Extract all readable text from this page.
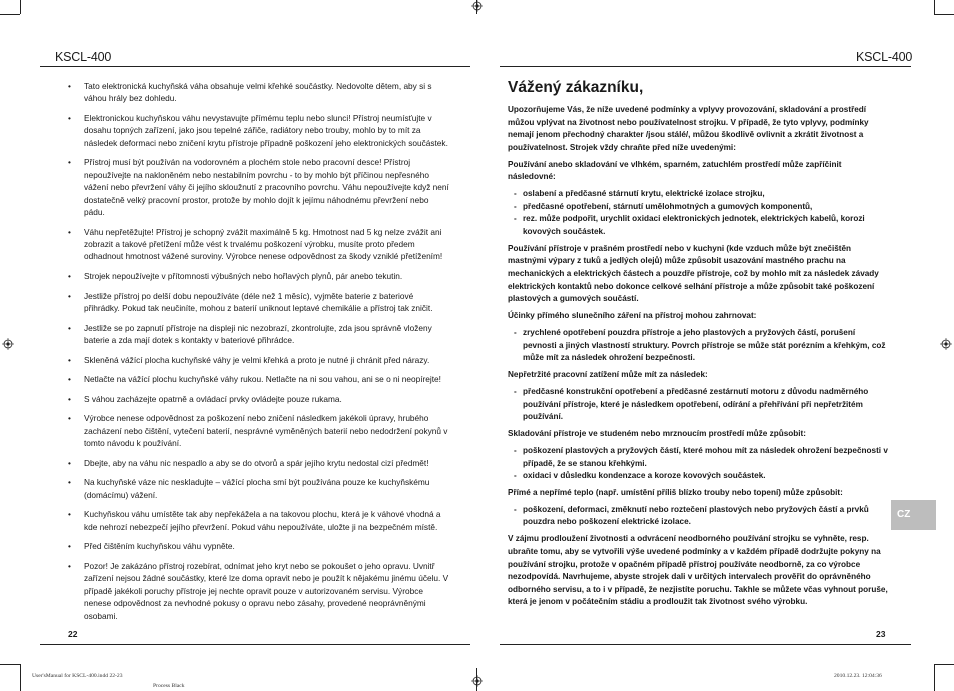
KSCL-400	KSCL-400
• Tato elektronická kuchyňská váha obsahuje velmi křehké součástky. Nedovolte dětem, aby si s váhou hrály bez dohledu.
• Elektronickou kuchyňskou váhu nevystavujte přímému teplu nebo slunci! Přístroj neumísťujte v dosahu topných zařízení, jako jsou tepelné zářiče, radiátory nebo trouby, mohlo by to mít za následek deformaci nebo zničení krytu přístroje případně poškození jeho elektronických součástek.
• Přístroj musí být používán na vodorovném a plochém stole nebo pracovní desce! Přístroj nepoužívejte na nakloněném nebo nestabilním povrchu - to by mohlo být příčinou nepřesného vážení nebo převržení váhy či jejího skloužnutí z pracovního povrchu. Váhu nepoužívejte když není dostatečně velký pracovní prostor, protože by mohlo dojít k jejímu náhodnému převržení nebo pádu.
• Váhu nepřetěžujte! Přístroj je schopný zvážit maximálně 5 kg. Hmotnost nad 5 kg nelze zvážit ani zobrazit a takové přetížení může vést k trvalému poškození výrobku, musíte proto předem odhadnout hmotnost vážené suroviny. Výrobce nenese odpovědnost za škody vzniklé přetížením!
• Strojek nepoužívejte v přítomnosti výbušných nebo hořlavých plynů, pár anebo tekutin.
• Jestliže přístroj po delší dobu nepoužíváte (déle než 1 měsíc), vyjměte baterie z bateriové přihrádky. Pokud tak neučiníte, mohou z baterií uniknout leptavé chemikálie a přístroj tak zničit.
• Jestliže se po zapnutí přístroje na displeji nic nezobrazí, zkontrolujte, zda jsou správně vloženy baterie a zda mají dotek s kontakty v bateriové přihrádce.
• Skleněná vážící plocha kuchyňské váhy je velmi křehká a proto je nutné ji chránit před nárazy.
• Netlačte na vážící plochu kuchyňské váhy rukou. Netlačte na ni sou vahou, ani se o ni neopírejte!
• S váhou zacházejte opatrně a ovládací prvky ovládejte pouze rukama.
• Výrobce nenese odpovědnost za poškození nebo zničení následkem jakékoli úpravy, hrubého zacházení nebo čištění, vytečení baterií, nesprávné vyměněných baterií nebo nedodržení pokynů v tomto návodu k používání.
• Dbejte, aby na váhu nic nespadlo a aby se do otvorů a spár jejího krytu nedostal cizí předmět!
• Na kuchyňské váze nic neskladujte – vážící plocha smí být používána pouze ke kuchyňskému (domácímu) vážení.
• Kuchyňskou váhu umístěte tak aby nepřekážela a na takovou plochu, která je k váhové vhodná a kde nehrozí nebezpečí jejího převržení. Pokud váhu nepoužíváte, uložte ji na bezpečném místě.
• Před čištěním kuchyňskou váhu vypněte.
• Pozor! Je zakázáno přístroj rozebírat, odnímat jeho kryt nebo se pokoušet o jeho opravu. Uvnitř zařízení nejsou žádné součástky, které lze doma opravit nebo je použít k nějakému jinému účelu. V případě jakékoli poruchy přístroje jej nechte opravit pouze v autorizovaném servisu. Výrobce nenese odpovědnost za nevhodné pokusy o opravu nebo zásahy, provedené neoprávněnými osobami.
22
Vážený zákazníku,

Upozorňujeme Vás, že níže uvedené podmínky a vplyvy provozování, skladování a prostředí můžou vplývat na životnost nebo používatelnost strojku. V případě, že tyto vplyvy, podmínky nemají jenom přechodný charakter /jsou stálé/, můžou škodlivě ovlivnit a zkrátit životnost a používatelnost. Strojek vždy chraňte před níže uvedenými:

Používání anebo skladování ve vlhkém, sparném, zatuchlém prostředí může zapříčinit následovné:

- oslabení a předčasné stárnutí krytu, elektrické izolace strojku,
- předčasné opotřebení, stárnutí umělohmotných a gumových komponentů,
- rez. může podpořit, urychlit oxidaci elektronických jednotek, elektrických kabelů, korozi kovových součástek.

Používání přístroje v prašném prostředí nebo v kuchyni (kde vzduch může být znečištěn mastnými výpary z tuků a jedlých olejů) může způsobit usazování mastného prachu na mechanických a elektrických částech a pouzdře přístroje, což by mohlo mít za následek závady elektrických kontaktů nebo dokonce celkové selhání přístroje a může způsobit také poškození plastových a gumových součástí.

Účinky přímého slunečního záření na přístroj mohou zahrnovat:

- zrychlené opotřebení pouzdra přístroje a jeho plastových a pryžových částí, porušení pevnosti a jiných vlastností struktury. Povrch přístroje se může stát porézním a křehkým, což může mít za následek ohrožení bezpečnosti.

Nepřetržité pracovní zatížení může mít za následek:

- předčasné konstrukční opotřebení a předčasné zestárnutí motoru z důvodu nadměrného používání přístroje, které je následkem opotřebení, odírání a přehřívání při nepřetržitém používání.

Skladování přístroje ve studeném nebo mrznoucím prostředí může způsobit:

- poškození plastových a pryžových částí, které mohou mít za následek ohrožení bezpečnosti v případě, že se stanou křehkými.
- oxidaci v důsledku kondenzace a koroze kovových součástek.

Přímé a nepřímé teplo (např. umístění příliš blízko trouby nebo topení) může způsobit:

- poškození, deformaci, změknutí nebo roztečení plastových nebo pryžových částí a prvků pouzdra nebo poškození elektrické izolace.

V zájmu prodloužení životnosti a odvrácení neodborného používání strojku se vyhněte, resp. ubraňte tomu, aby se vytvořili výše uvedené podmínky a v každém případě dodržujte pokyny na používání strojku, protože v opačném případě přístroj používáte neodborně, za co výrobce nezodpovídá. Navrhujeme, abyste strojek dali v určitých intervalech prověřit do oprávněného odborného servisu, a to i v případě, že nezjistíte poruchu. Takhle se můžete včas vyhnout poruše, která je jenom v počátečním stádiu a prodloužit tak životnost svého výrobku.

CZ
23
User'sManual for KSCL-400.indd 22-23
Process Black
2010.12.23. 12:04:36
